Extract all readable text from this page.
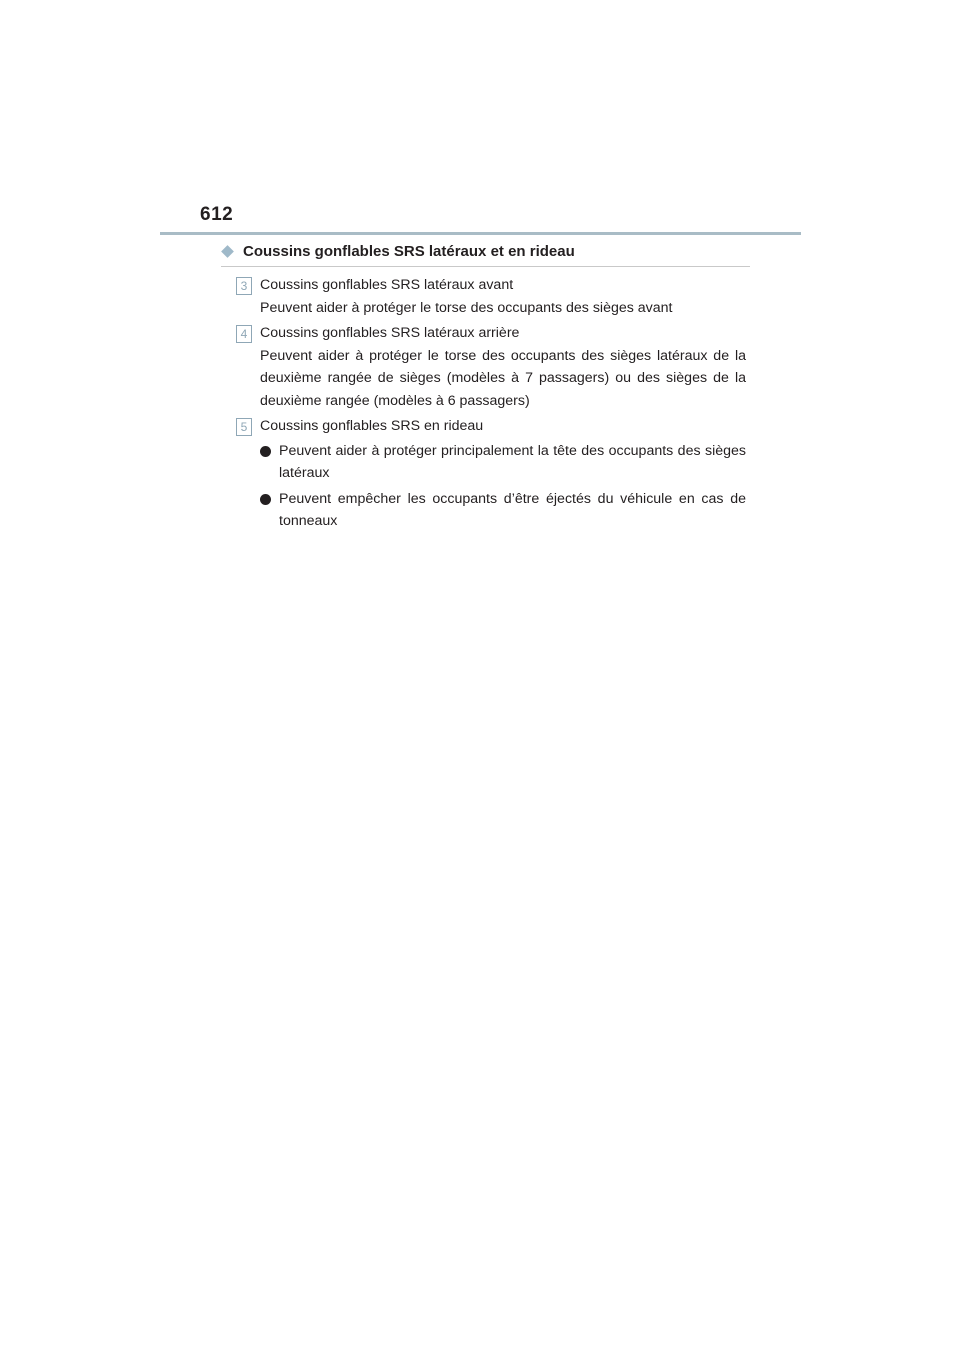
612
Coussins gonflables SRS latéraux et en rideau
3 Coussins gonflables SRS latéraux avant
Peuvent aider à protéger le torse des occupants des sièges avant
4 Coussins gonflables SRS latéraux arrière
Peuvent aider à protéger le torse des occupants des sièges latéraux de la deuxième rangée de sièges (modèles à 7 passagers) ou des sièges de la deuxième rangée (modèles à 6 passagers)
5 Coussins gonflables SRS en rideau
Peuvent aider à protéger principalement la tête des occupants des sièges latéraux
Peuvent empêcher les occupants d’être éjectés du véhicule en cas de tonneaux
